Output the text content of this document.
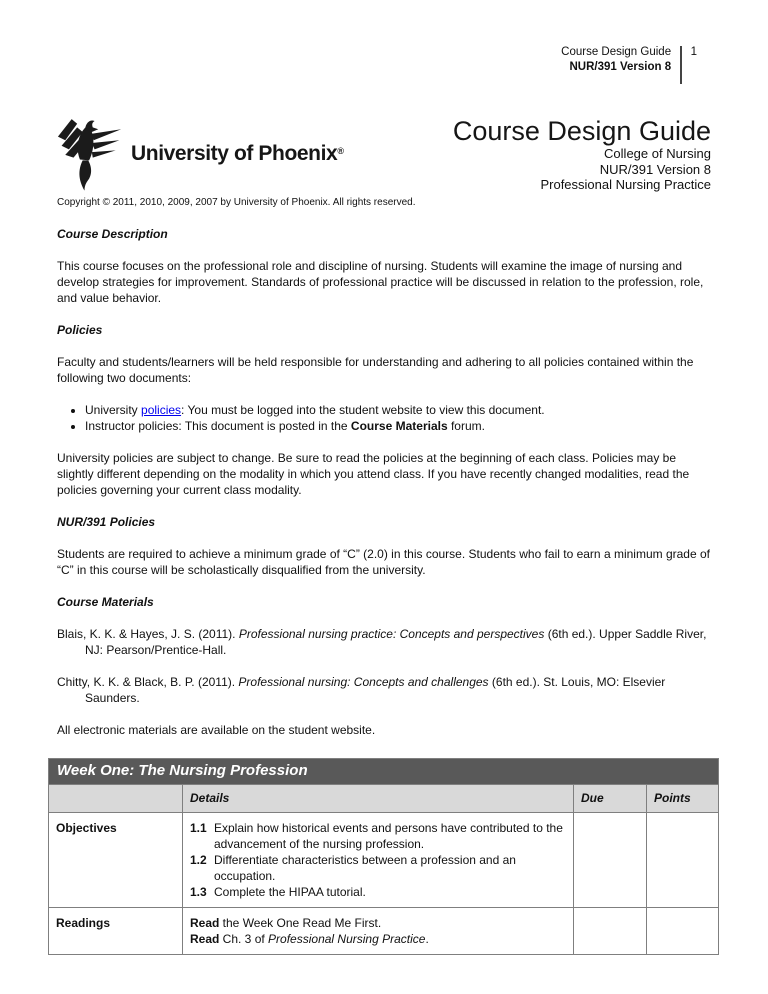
Course Design Guide
NUR/391 Version 8
1
University of Phoenix®
Course Design Guide
College of Nursing
NUR/391 Version 8
Professional Nursing Practice
Copyright © 2011, 2010, 2009, 2007 by University of Phoenix. All rights reserved.
Course Description

This course focuses on the professional role and discipline of nursing. Students will examine the image of nursing and develop strategies for improvement. Standards of professional practice will be discussed in relation to the profession, role, and value behavior.

Policies

Faculty and students/learners will be held responsible for understanding and adhering to all policies contained within the following two documents:

• University policies: You must be logged into the student website to view this document.
• Instructor policies: This document is posted in the Course Materials forum.

University policies are subject to change. Be sure to read the policies at the beginning of each class. Policies may be slightly different depending on the modality in which you attend class. If you have recently changed modalities, read the policies governing your current class modality.

NUR/391 Policies

Students are required to achieve a minimum grade of “C” (2.0) in this course. Students who fail to earn a minimum grade of “C” in this course will be scholastically disqualified from the university.

Course Materials

Blais, K. K. & Hayes, J. S. (2011). Professional nursing practice: Concepts and perspectives (6th ed.). Upper Saddle River, NJ: Pearson/Prentice-Hall.

Chitty, K. K. & Black, B. P. (2011). Professional nursing: Concepts and challenges (6th ed.). St. Louis, MO: Elsevier Saunders.

All electronic materials are available on the student website.

Week One: The Nursing Profession			
	Details	Due	Points
Objectives	1.1 Explain how historical events and persons have contributed to the advancement of the nursing profession.
1.2 Differentiate characteristics between a profession and an occupation.
1.3 Complete the HIPAA tutorial.

Readings	Read the Week One Read Me First.
Read Ch. 3 of Professional Nursing Practice.		
